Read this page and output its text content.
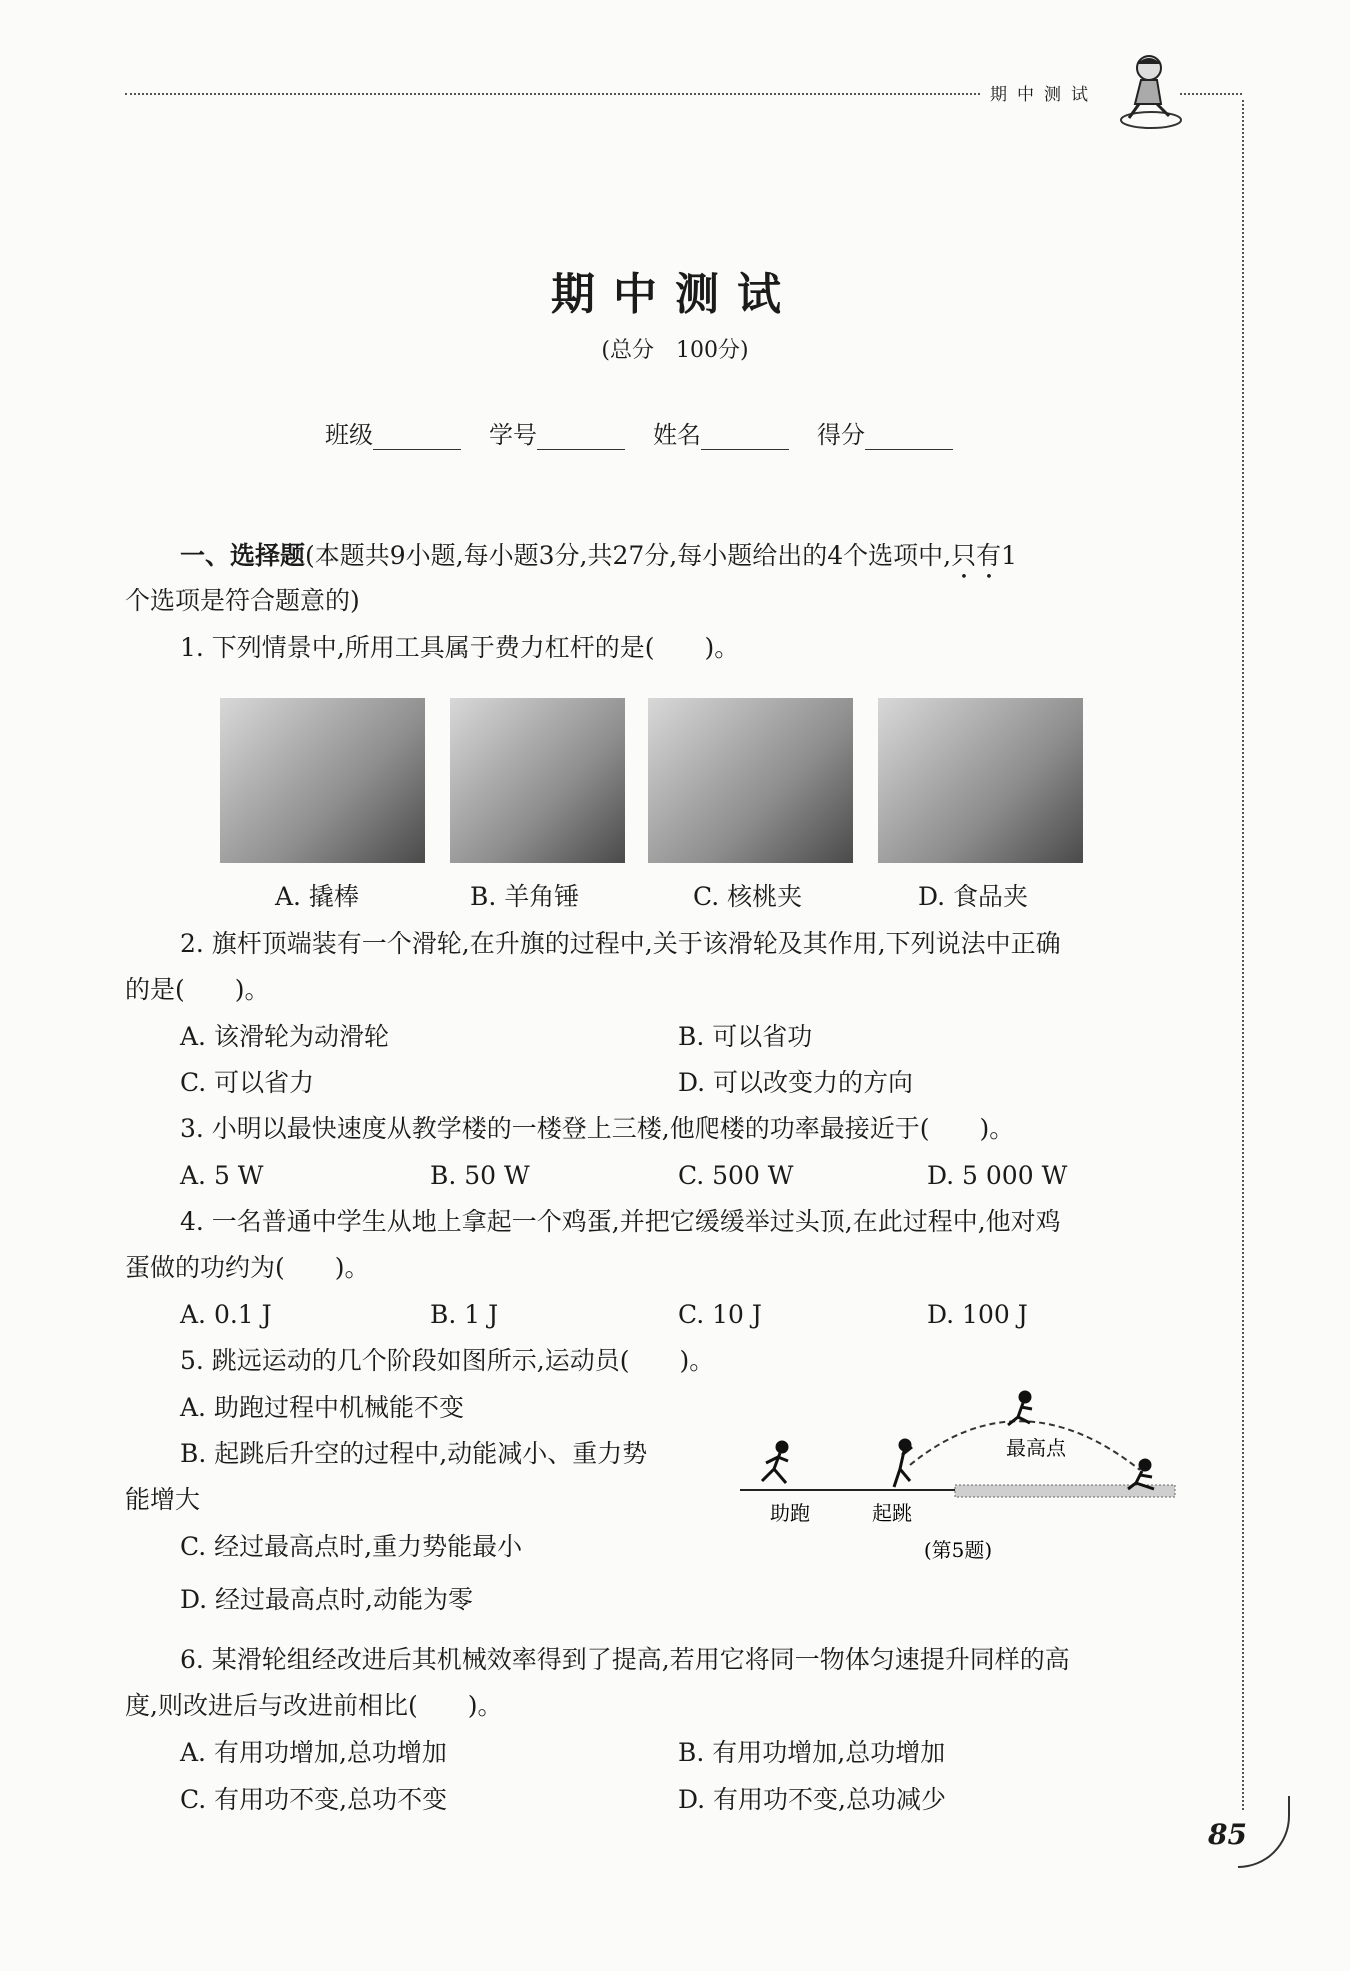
期中测试
期中测试
(总分　100分)
班级	学号	姓名	得分
一、选择题(本题共9小题,每小题3分,共27分,每小题给出的4个选项中,只有1
个选项是符合题意的)
1. 下列情景中,所用工具属于费力杠杆的是(　　)。
A. 撬棒	B. 羊角锤	C. 核桃夹	D. 食品夹
2. 旗杆顶端装有一个滑轮,在升旗的过程中,关于该滑轮及其作用,下列说法中正确
的是(　　)。
A. 该滑轮为动滑轮	B. 可以省功
C. 可以省力	D. 可以改变力的方向
3. 小明以最快速度从教学楼的一楼登上三楼,他爬楼的功率最接近于(　　)。
A. 5 W	B. 50 W	C. 500 W	D. 5 000 W
4. 一名普通中学生从地上拿起一个鸡蛋,并把它缓缓举过头顶,在此过程中,他对鸡
蛋做的功约为(　　)。
A. 0.1 J	B. 1 J	C. 10 J	D. 100 J
5. 跳远运动的几个阶段如图所示,运动员(　　)。
A. 助跑过程中机械能不变
B. 起跳后升空的过程中,动能减小、重力势
能增大
C. 经过最高点时,重力势能最小
D. 经过最高点时,动能为零
助跑	起跳
最高点
(第5题)
6. 某滑轮组经改进后其机械效率得到了提高,若用它将同一物体匀速提升同样的高
度,则改进后与改进前相比(　　)。
A. 有用功增加,总功增加	B. 有用功增加,总功增加
C. 有用功不变,总功不变	D. 有用功不变,总功减少
85
